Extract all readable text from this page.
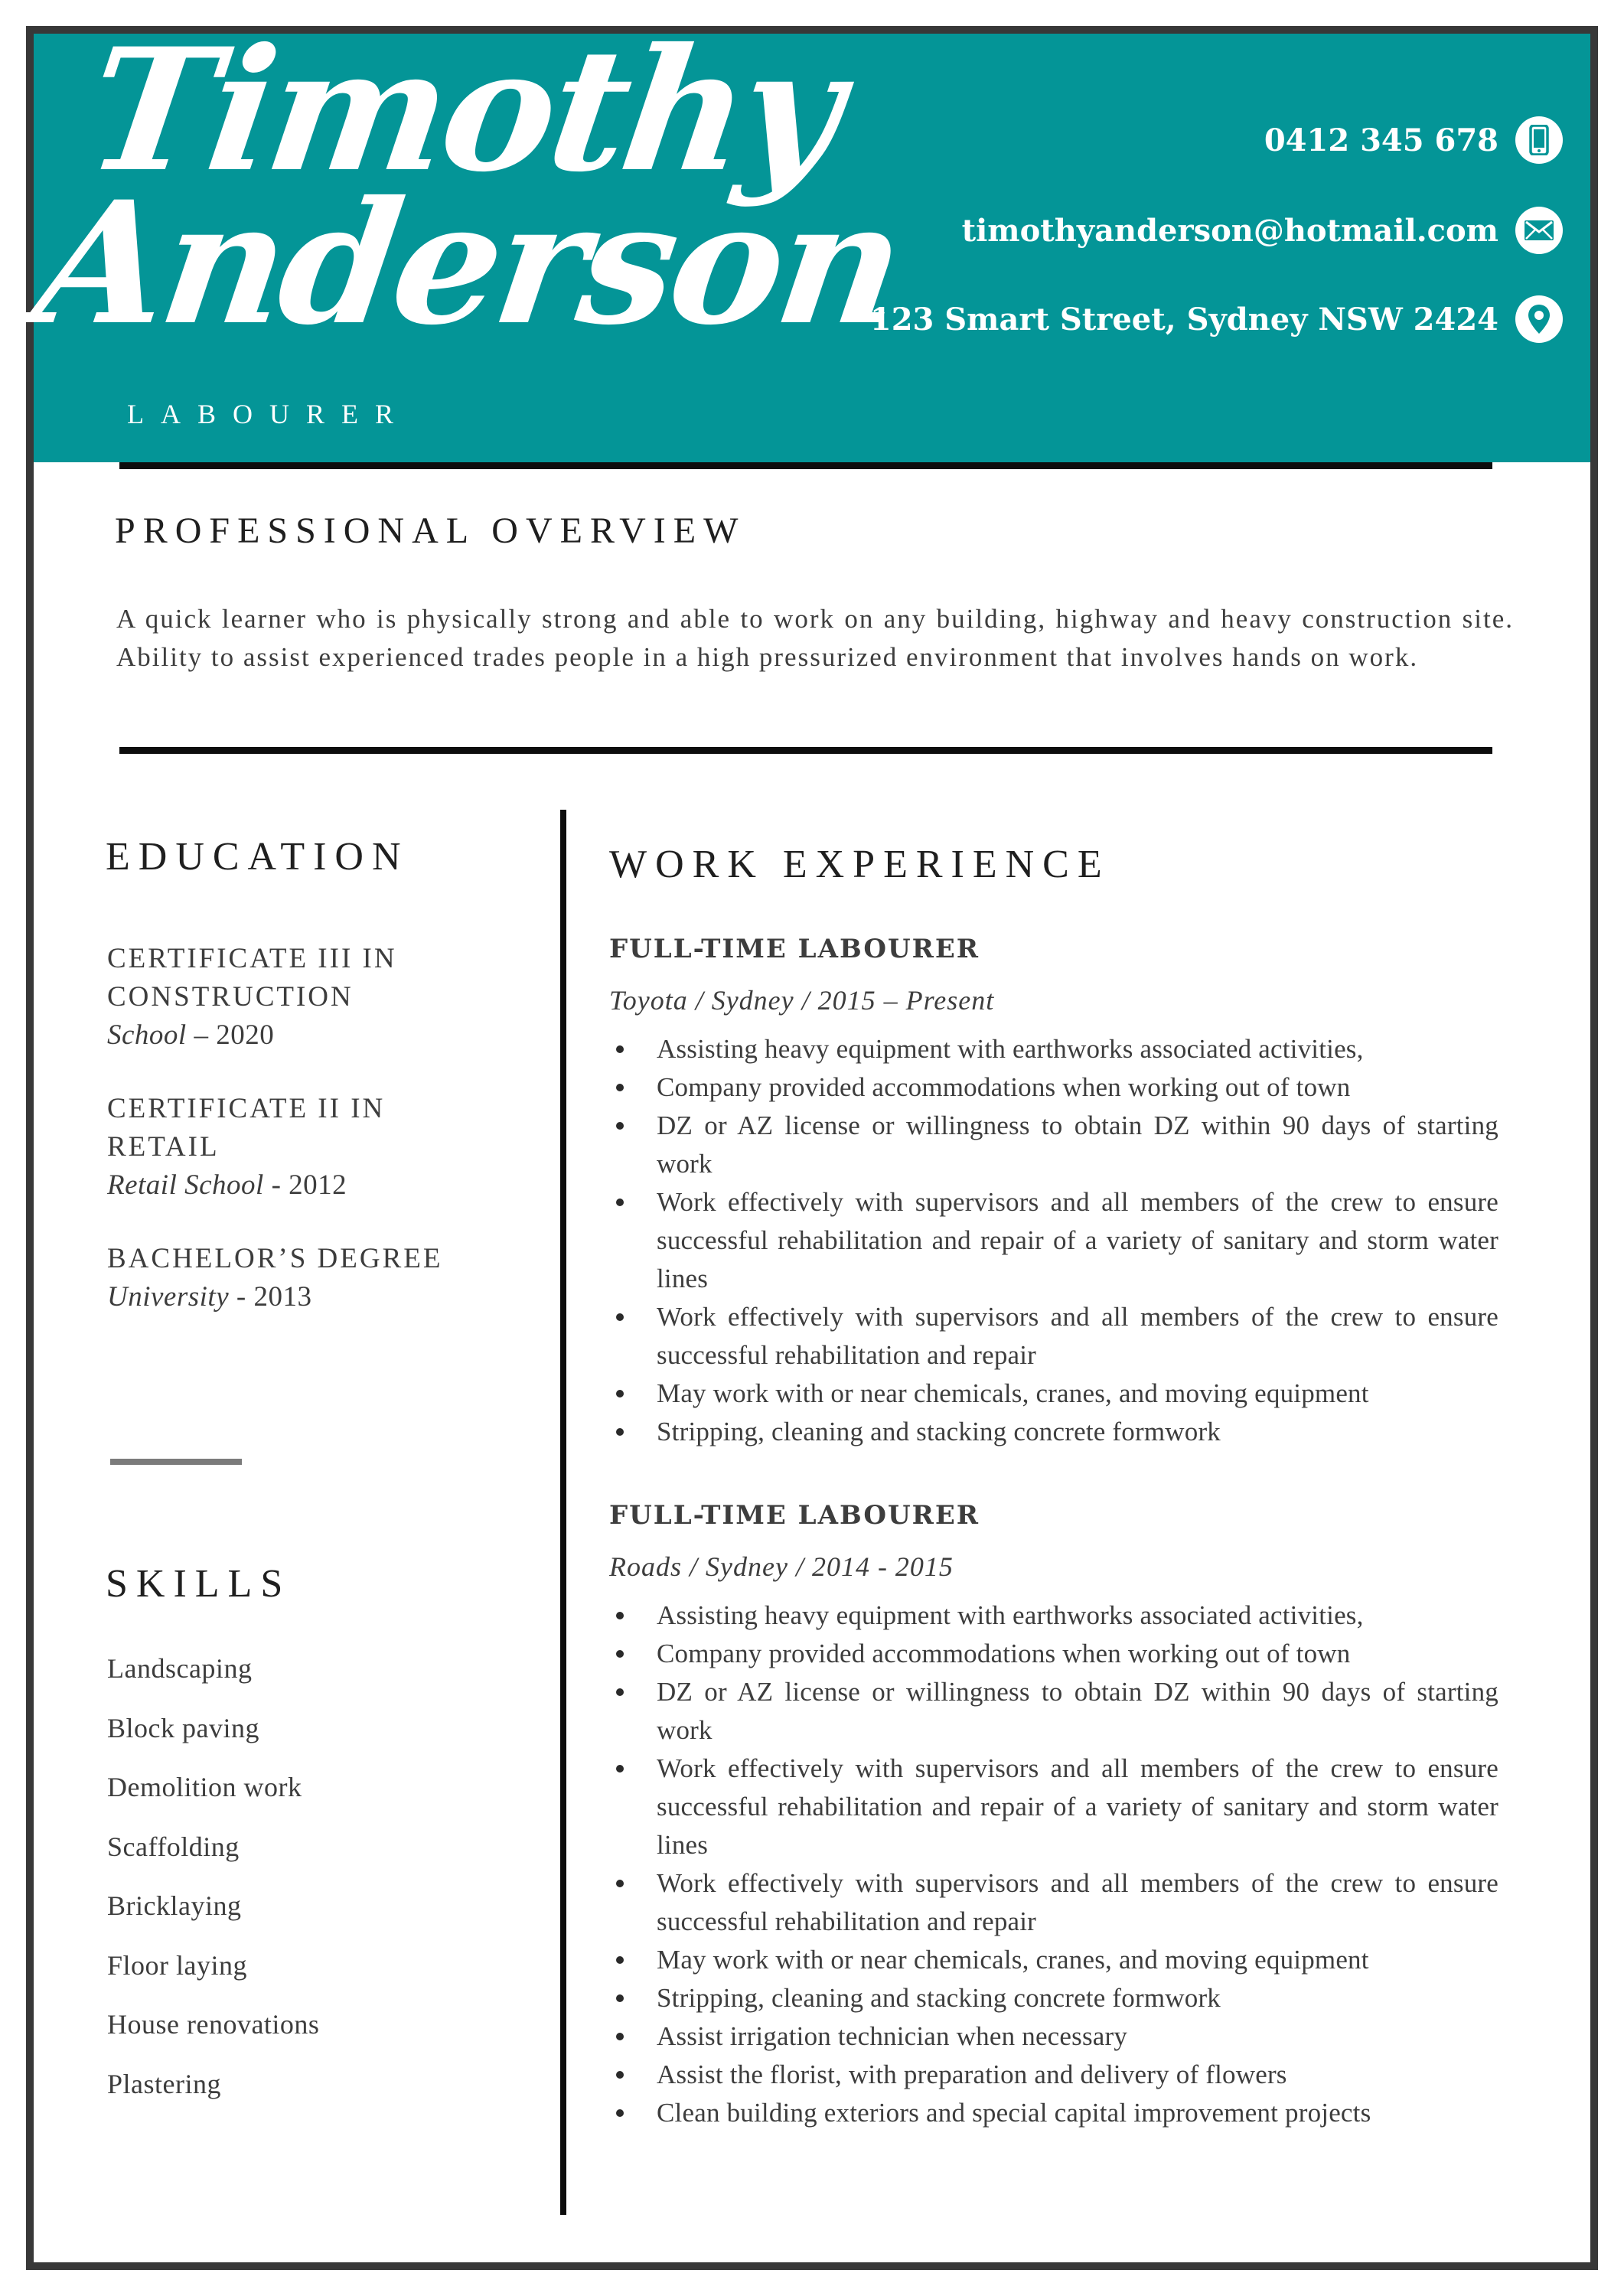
Timothy
Anderson
LABOURER
0412 345 678
timothyanderson@hotmail.com
123 Smart Street, Sydney NSW 2424
PROFESSIONAL OVERVIEW
A quick learner who is physically strong and able to work on any building, highway and heavy construction site. Ability to assist experienced trades people in a high pressurized environment that involves hands on work.
EDUCATION
CERTIFICATE III IN
CONSTRUCTION
School – 2020
CERTIFICATE II IN
RETAIL
Retail School - 2012
BACHELOR’S DEGREE
University - 2013
SKILLS
Landscaping
Block paving
Demolition work
Scaffolding
Bricklaying
Floor laying
House renovations
Plastering
WORK EXPERIENCE
FULL-TIME LABOURER
Toyota / Sydney / 2015 – Present
Assisting heavy equipment with earthworks associated activities,
Company provided accommodations when working out of town
DZ or AZ license or willingness to obtain DZ within 90 days of starting work
Work effectively with supervisors and all members of the crew to ensure successful rehabilitation and repair of a variety of sanitary and storm water lines
Work effectively with supervisors and all members of the crew to ensure successful rehabilitation and repair
May work with or near chemicals, cranes, and moving equipment
Stripping, cleaning and stacking concrete formwork
FULL-TIME LABOURER
Roads / Sydney / 2014 - 2015
Assisting heavy equipment with earthworks associated activities,
Company provided accommodations when working out of town
DZ or AZ license or willingness to obtain DZ within 90 days of starting work
Work effectively with supervisors and all members of the crew to ensure successful rehabilitation and repair of a variety of sanitary and storm water lines
Work effectively with supervisors and all members of the crew to ensure successful rehabilitation and repair
May work with or near chemicals, cranes, and moving equipment
Stripping, cleaning and stacking concrete formwork
Assist irrigation technician when necessary
Assist the florist, with preparation and delivery of flowers
Clean building exteriors and special capital improvement projects
